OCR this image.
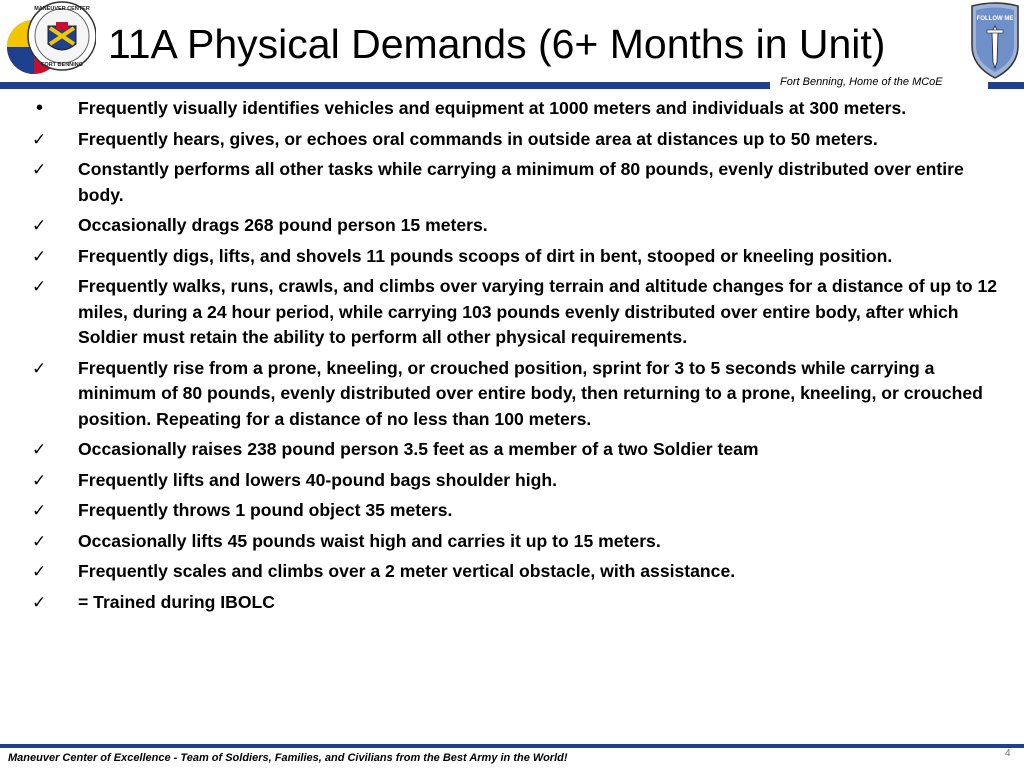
MANEUVER CENTER
FORT BENNING 11A Physical Demands (6+ Months in Unit)
FOLLOW ME
Fort Benning, Home of the MCoE
•	Frequently visually identifies vehicles and equipment at 1000 meters and individuals at 300 meters.
✓	Frequently hears, gives, or echoes oral commands in outside area at distances up to 50 meters.
✓	Constantly performs all other tasks while carrying a minimum of 80 pounds, evenly distributed over entire body.
✓	Occasionally drags 268 pound person 15 meters.
✓	Frequently digs, lifts, and shovels 11 pounds scoops of dirt in bent, stooped or kneeling position.
✓	Frequently walks, runs, crawls, and climbs over varying terrain and altitude changes for a distance of up to 12 miles, during a 24 hour period, while carrying 103 pounds evenly distributed over entire body, after which Soldier must retain the ability to perform all other physical requirements.
✓	Frequently rise from a prone, kneeling, or crouched position, sprint for 3 to 5 seconds while carrying a minimum of 80 pounds, evenly distributed over entire body, then returning to a prone, kneeling, or crouched position. Repeating for a distance of no less than 100 meters.
✓	Occasionally raises 238 pound person 3.5 feet as a member of a two Soldier team
✓	Frequently lifts and lowers 40-pound bags shoulder high.
✓	Frequently throws 1 pound object 35 meters.
✓	Occasionally lifts 45 pounds waist high and carries it up to 15 meters.
✓	Frequently scales and climbs over a 2 meter vertical obstacle, with assistance.
✓	= Trained during IBOLC
Maneuver Center of Excellence - Team of Soldiers, Families, and Civilians from the Best Army in the World!	4
